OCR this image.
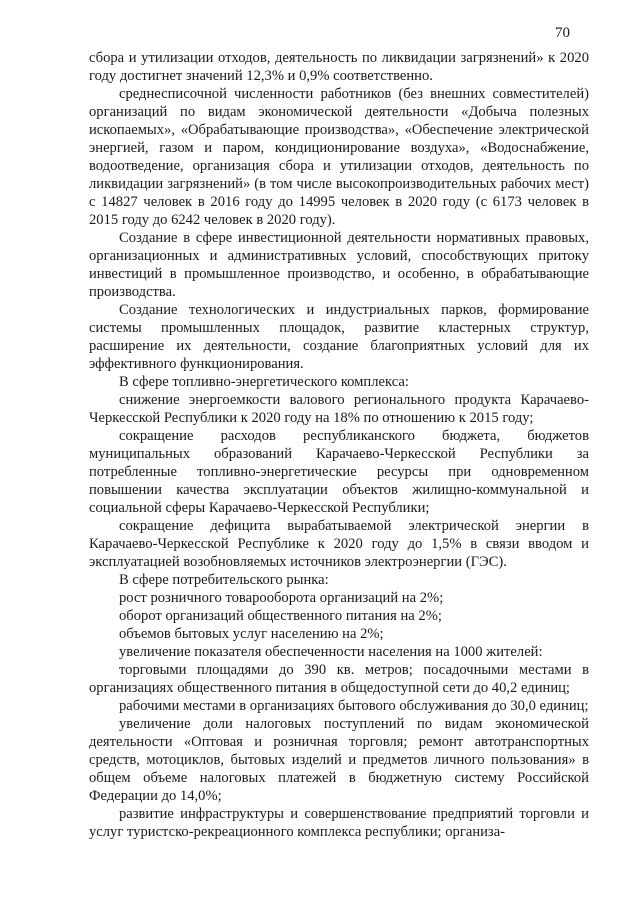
70

сбора и утилизации отходов, деятельность по ликвидации загрязнений» к 2020 году достигнет значений 12,3% и 0,9% соответственно.

среднесписочной численности работников (без внешних совместителей) организаций по видам экономической деятельности «Добыча полезных ископаемых», «Обрабатывающие производства», «Обеспечение электрической энергией, газом и паром, кондиционирование воздуха», «Водоснабжение, водоотведение, организация сбора и утилизации отходов, деятельность по ликвидации загрязнений» (в том числе высокопроизводительных рабочих мест) с 14827 человек в 2016 году до 14995 человек в 2020 году (с 6173 человек в 2015 году до 6242 человек в 2020 году).

Создание в сфере инвестиционной деятельности нормативных правовых, организационных и административных условий, способствующих притоку инвестиций в промышленное производство, и особенно, в обрабатывающие производства.

Создание технологических и индустриальных парков, формирование системы промышленных площадок, развитие кластерных структур, расширение их деятельности, создание благоприятных условий для их эффективного функционирования.

В сфере топливно-энергетического комплекса:

снижение энергоемкости валового регионального продукта Карачаево-Черкесской Республики к 2020 году на 18% по отношению к 2015 году;

сокращение расходов республиканского бюджета, бюджетов муниципальных образований Карачаево-Черкесской Республики за потребленные топливно-энергетические ресурсы при одновременном повышении качества эксплуатации объектов жилищно-коммунальной и социальной сферы Карачаево-Черкесской Республики;

сокращение дефицита вырабатываемой электрической энергии в Карачаево-Черкесской Республике к 2020 году до 1,5% в связи вводом и эксплуатацией возобновляемых источников электроэнергии (ГЭС).

В сфере потребительского рынка:

рост розничного товарооборота организаций на 2%;

оборот организаций общественного питания на 2%;

объемов бытовых услуг населению на 2%;

увеличение показателя обеспеченности населения на 1000 жителей:

торговыми площадями до 390 кв. метров; посадочными местами в организациях общественного питания в общедоступной сети до 40,2 единиц;

рабочими местами в организациях бытового обслуживания до 30,0 единиц;

увеличение доли налоговых поступлений по видам экономической деятельности «Оптовая и розничная торговля; ремонт автотранспортных средств, мотоциклов, бытовых изделий и предметов личного пользования» в общем объеме налоговых платежей в бюджетную систему Российской Федерации до 14,0%;

развитие инфраструктуры и совершенствование предприятий торговли и услуг туристско-рекреационного комплекса республики; организа-
